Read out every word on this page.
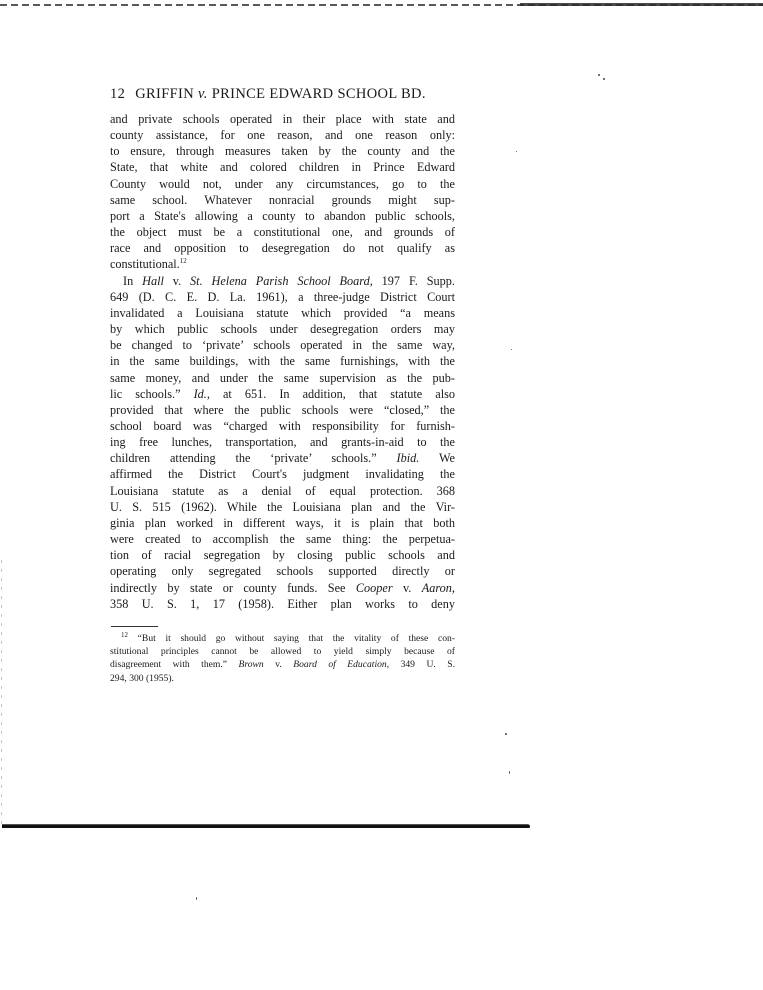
12 GRIFFIN v. PRINCE EDWARD SCHOOL BD.
and private schools operated in their place with state and
county assistance, for one reason, and one reason only:
to ensure, through measures taken by the county and the
State, that white and colored children in Prince Edward
County would not, under any circumstances, go to the
same school. Whatever nonracial grounds might sup-
port a State's allowing a county to abandon public schools,
the object must be a constitutional one, and grounds of
race and opposition to desegregation do not qualify as
constitutional.$^{12}$
In Hall v. St. Helena Parish School Board, 197 F. Supp.
649 (D. C. E. D. La. 1961), a three-judge District Court
invalidated a Louisiana statute which provided “a means
by which public schools under desegregation orders may
be changed to ‘private’ schools operated in the same way,
in the same buildings, with the same furnishings, with the
same money, and under the same supervision as the pub-
lic schools.” Id., at 651. In addition, that statute also
provided that where the public schools were “closed,” the
school board was “charged with responsibility for furnish-
ing free lunches, transportation, and grants-in-aid to the
children attending the ‘private’ schools.” Ibid. We
affirmed the District Court's judgment invalidating the
Louisiana statute as a denial of equal protection. 368
U. S. 515 (1962). While the Louisiana plan and the Vir-
ginia plan worked in different ways, it is plain that both
were created to accomplish the same thing: the perpetua-
tion of racial segregation by closing public schools and
operating only segregated schools supported directly or
indirectly by state or county funds. See Cooper v. Aaron,
358 U. S. 1, 17 (1958). Either plan works to deny
$^{12}$ “But it should go without saying that the vitality of these con-
stitutional principles cannot be allowed to yield simply because of
disagreement with them.” Brown v. Board of Education, 349 U. S.
294, 300 (1955).
